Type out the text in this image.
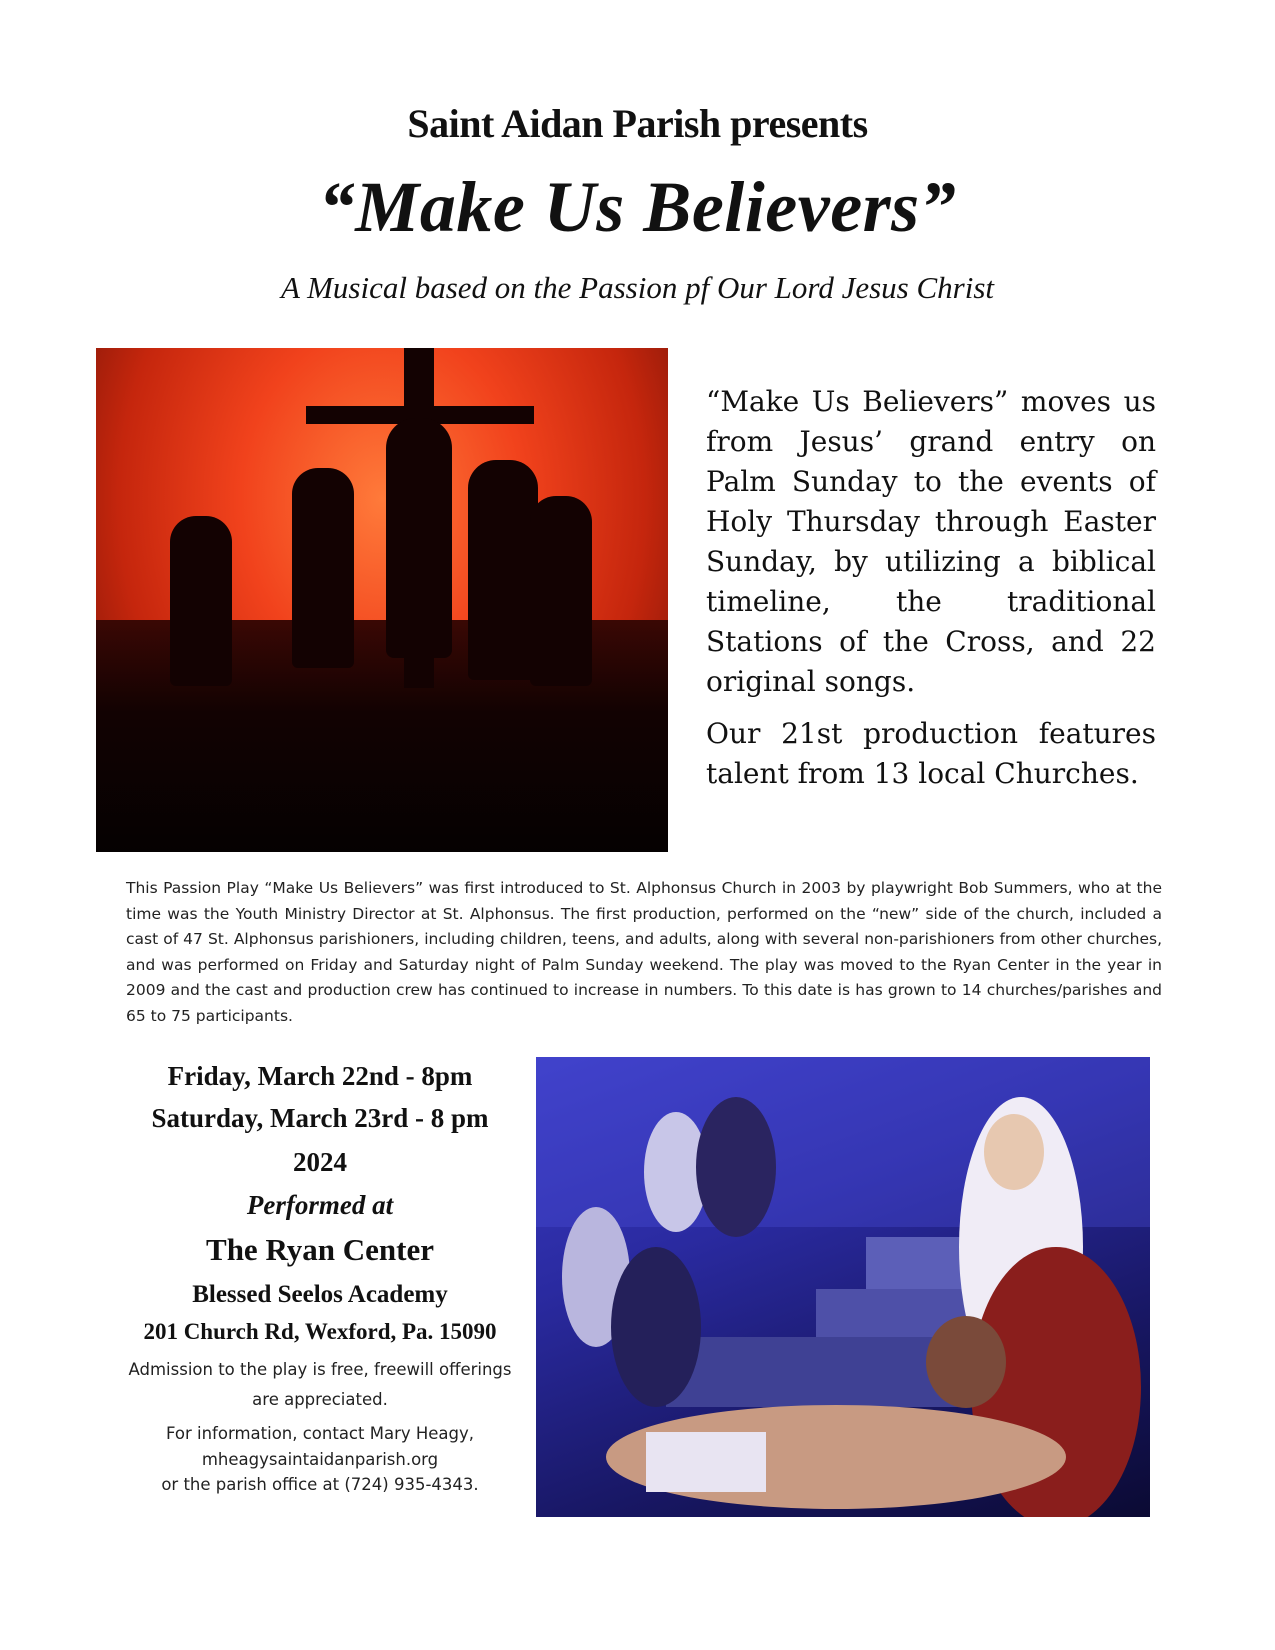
Saint Aidan Parish presents
“Make Us Believers”
A Musical based on the Passion pf Our Lord Jesus Christ

“Make Us Believers” moves us from Jesus’ grand entry on Palm Sunday to the events of Holy Thursday through Easter Sunday, by utilizing a biblical timeline, the traditional Stations of the Cross, and 22 original songs.

Our 21st production features talent from 13 local Churches.

This Passion Play “Make Us Believers” was first introduced to St. Alphonsus Church in 2003 by playwright Bob Summers, who at the time was the Youth Ministry Director at St. Alphonsus. The first production, performed on the “new” side of the church, included a cast of 47 St. Alphonsus parishioners, including children, teens, and adults, along with several non-parishioners from other churches, and was performed on Friday and Saturday night of Palm Sunday weekend. The play was moved to the Ryan Center in the year in 2009 and the cast and production crew has continued to increase in numbers. To this date is has grown to 14 churches/parishes and 65 to 75 participants.
Friday, March 22nd - 8pm
Saturday, March 23rd - 8 pm
2024
Performed at
The Ryan Center
Blessed Seelos Academy
201 Church Rd, Wexford, Pa. 15090
Admission to the play is free, freewill offerings are appreciated.
For information, contact Mary Heagy,
mheagysaintaidanparish.org
or the parish office at (724) 935-4343.
